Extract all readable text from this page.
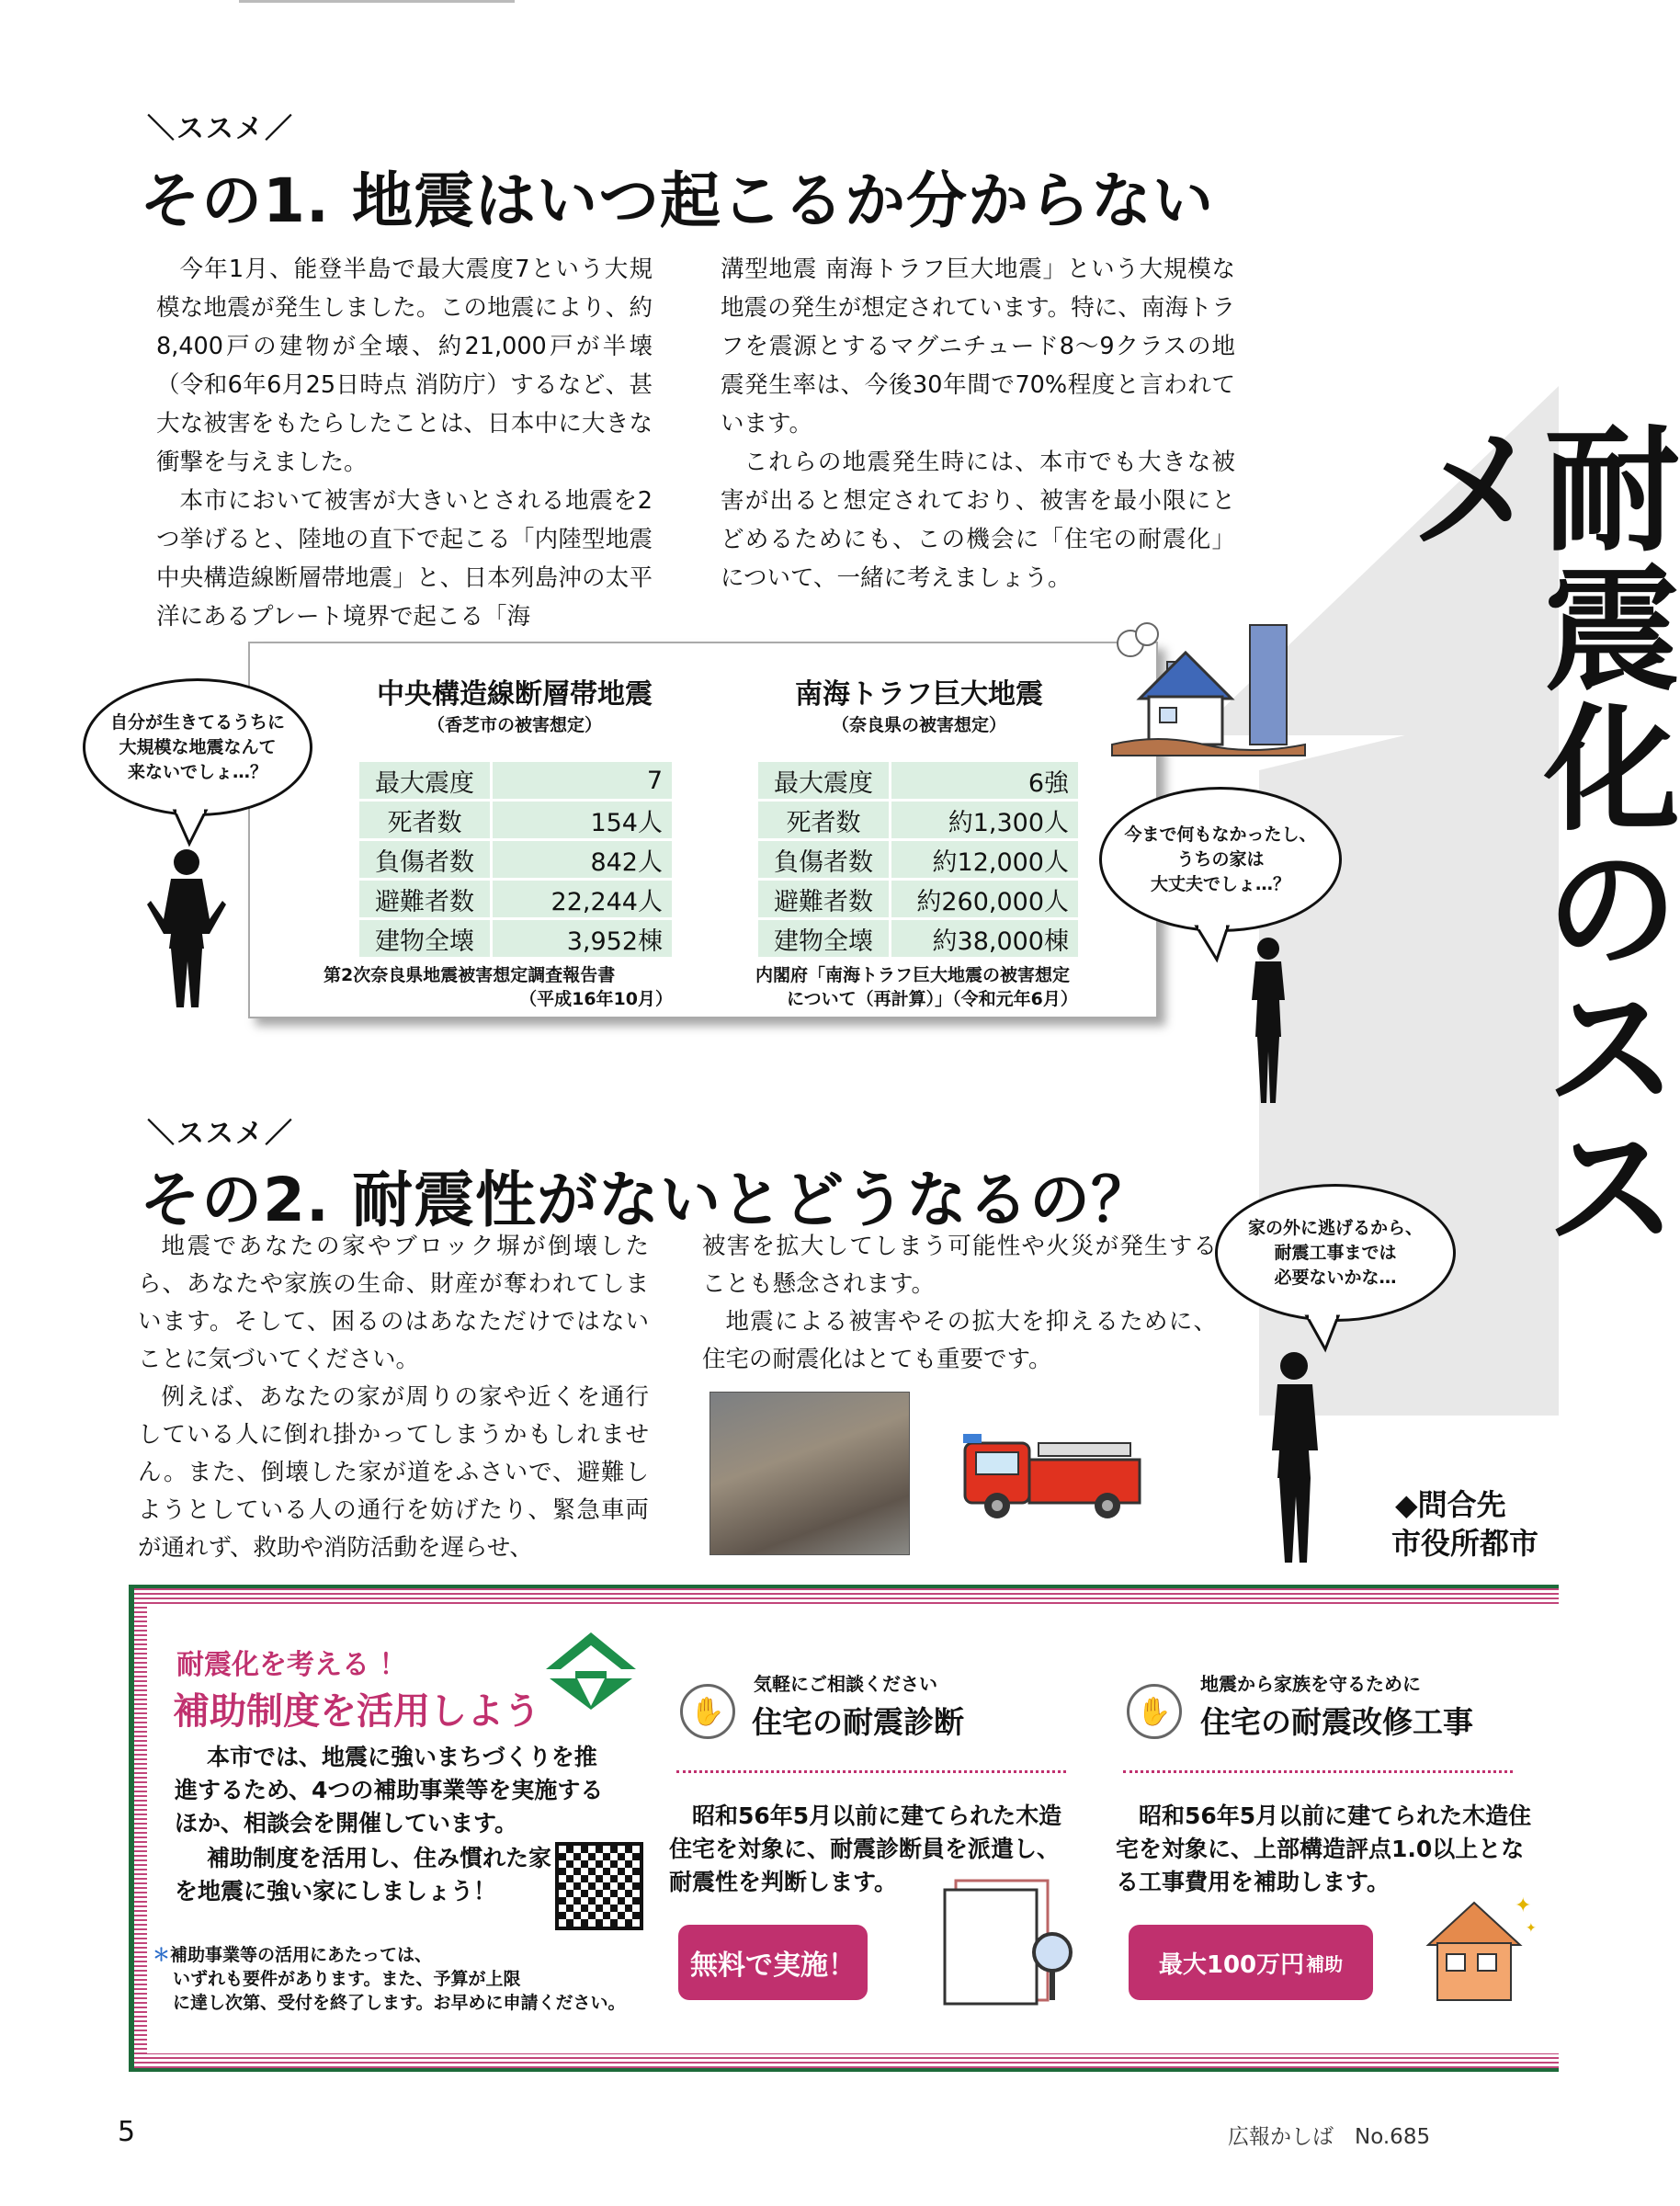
＼ススメ／
その1. 地震はいつ起こるか分からない

今年1月、能登半島で最大震度7という大規模な地震が発生しました。この地震により、約8,400戸の建物が全壊、約21,000戸が半壊（令和6年6月25日時点 消防庁）するなど、甚大な被害をもたらしたことは、日本中に大きな衝撃を与えました。

本市において被害が大きいとされる地震を2つ挙げると、陸地の直下で起こる「内陸型地震 中央構造線断層帯地震」と、日本列島沖の太平洋にあるプレート境界で起こる「海

溝型地震 南海トラフ巨大地震」という大規模な地震の発生が想定されています。特に、南海トラフを震源とするマグニチュード8～9クラスの地震発生率は、今後30年間で70%程度と言われています。

これらの地震発生時には、本市でも大きな被害が出ると想定されており、被害を最小限にとどめるためにも、この機会に「住宅の耐震化」について、一緒に考えましょう。	耐震化のススメ
中央構造線断層帯地震
（香芝市の被害想定）
最大震度	7
死者数	154人
負傷者数	842人
避難者数	22,244人
建物全壊	3,952棟
第2次奈良県地震被害想定調査報告書
（平成16年10月）
南海トラフ巨大地震
（奈良県の被害想定）
最大震度	6強
死者数	約1,300人
負傷者数	約12,000人
避難者数	約260,000人
建物全壊	約38,000棟
内閣府「南海トラフ巨大地震の被害想定
について（再計算）」（令和元年6月）
自分が生きてるうちに
大規模な地震なんて
来ないでしょ…？
今まで何もなかったし、
うちの家は
大丈夫でしょ…？
家の外に逃げるから、
耐震工事までは
必要ないかな…
＼ススメ／
その2. 耐震性がないとどうなるの？

地震であなたの家やブロック塀が倒壊したら、あなたや家族の生命、財産が奪われてしまいます。そして、困るのはあなただけではないことに気づいてください。

例えば、あなたの家が周りの家や近くを通行している人に倒れ掛かってしまうかもしれません。また、倒壊した家が道をふさいで、避難しようとしている人の通行を妨げたり、緊急車両が通れず、救助や消防活動を遅らせ、

被害を拡大してしまう可能性や火災が発生することも懸念されます。

地震による被害やその拡大を抑えるために、住宅の耐震化はとても重要です。

◆問合先
市役所都市
耐震化を考える ！
補助制度を活用しよう
本市では、地震に強いまちづくりを推進するため、4つの補助事業等を実施するほか、相談会を開催しています。
補助制度を活用し、住み慣れた家を地震に強い家にしましょう！
＊補助事業等の活用にあたっては、
いずれも要件があります。また、予算が上限
に達し次第、受付を終了します。お早めに申請ください。
✋
気軽にご相談ください
住宅の耐震診断
昭和56年5月以前に建てられた木造住宅を対象に、耐震診断員を派遣し、耐震性を判断します。
無料で実施！
✋
地震から家族を守るために
住宅の耐震改修工事
昭和56年5月以前に建てられた木造住宅を対象に、上部構造評点1.0以上となる工事費用を補助します。
最大100万円 補助
✦
✦
5	広報かしば　No.685
